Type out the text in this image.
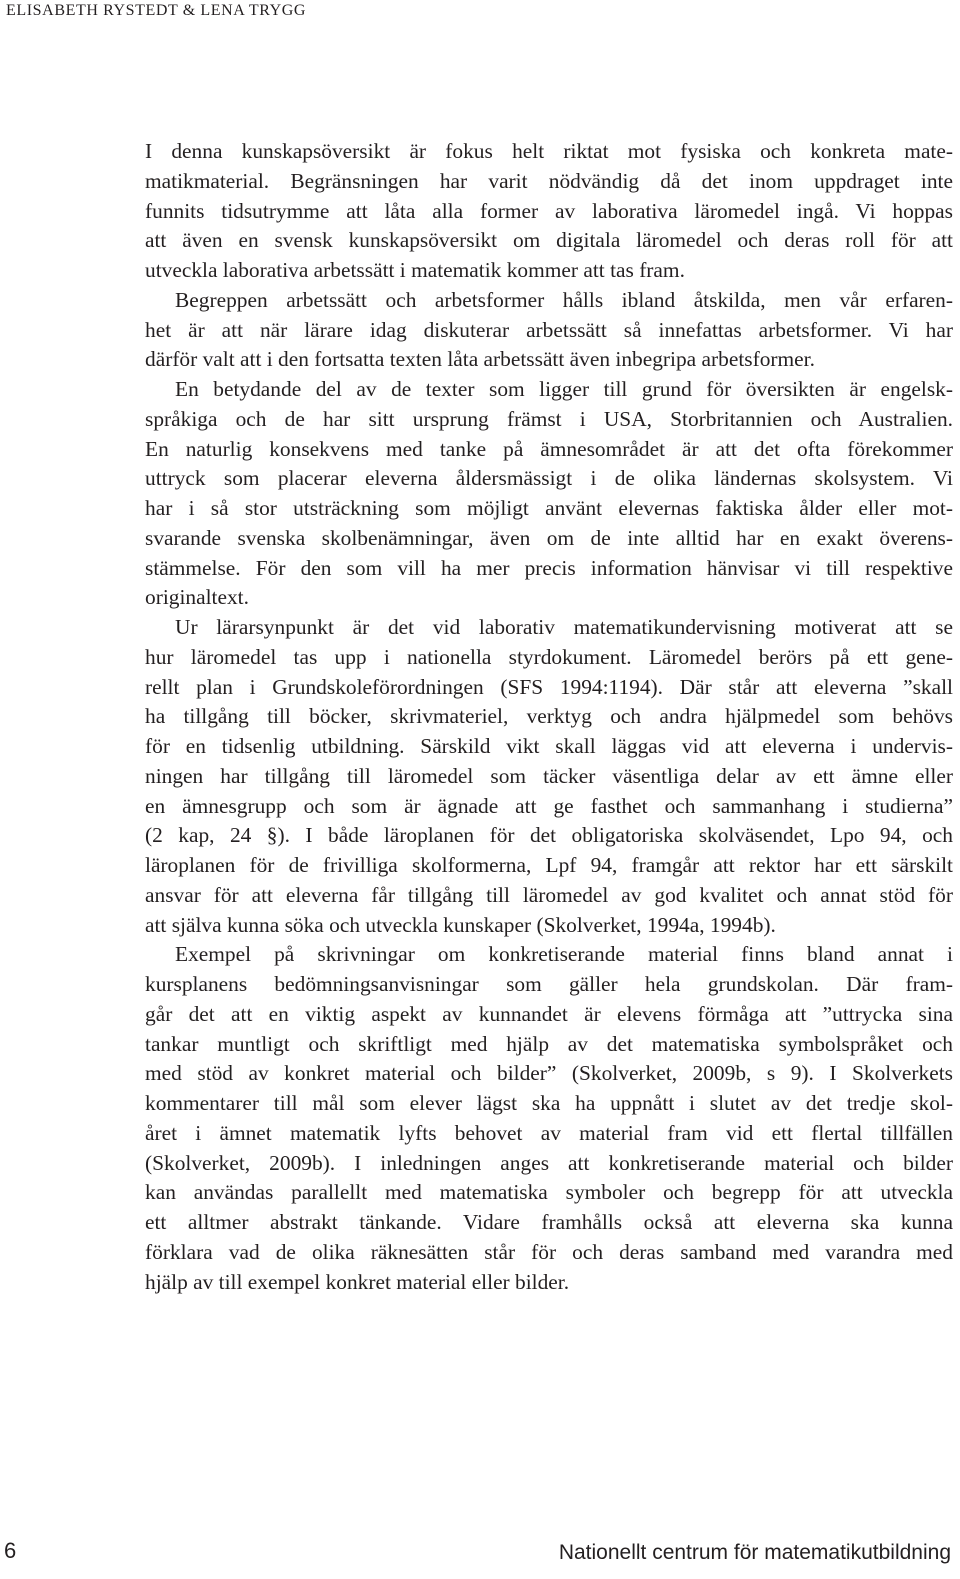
ELISABETH RYSTEDT & LENA TRYGG
I denna kunskapsöversikt är fokus helt riktat mot fysiska och konkreta mate-
matikmaterial. Begränsningen har varit nödvändig då det inom uppdraget inte
funnits tidsutrymme att låta alla former av laborativa läromedel ingå. Vi hoppas
att även en svensk kunskapsöversikt om digitala läromedel och deras roll för att
utveckla laborativa arbetssätt i matematik kommer att tas fram.
Begreppen arbetssätt och arbetsformer hålls ibland åtskilda, men vår erfaren-
het är att när lärare idag diskuterar arbetssätt så innefattas arbetsformer. Vi har
därför valt att i den fortsatta texten låta arbetssätt även inbegripa arbetsformer.
En betydande del av de texter som ligger till grund för översikten är engelsk-
språkiga och de har sitt ursprung främst i USA, Storbritannien och Australien.
En naturlig konsekvens med tanke på ämnesområdet är att det ofta förekommer
uttryck som placerar eleverna åldersmässigt i de olika ländernas skolsystem. Vi
har i så stor utsträckning som möjligt använt elevernas faktiska ålder eller mot-
svarande svenska skolbenämningar, även om de inte alltid har en exakt överens-
stämmelse. För den som vill ha mer precis information hänvisar vi till respektive
originaltext.
Ur lärarsynpunkt är det vid laborativ matematikundervisning motiverat att se
hur läromedel tas upp i nationella styrdokument. Läromedel berörs på ett gene-
rellt plan i Grundskoleförordningen (SFS 1994:1194). Där står att eleverna ”skall
ha tillgång till böcker, skrivmateriel, verktyg och andra hjälpmedel som behövs
för en tidsenlig utbildning. Särskild vikt skall läggas vid att eleverna i undervis-
ningen har tillgång till läromedel som täcker väsentliga delar av ett ämne eller
en ämnesgrupp och som är ägnade att ge fasthet och sammanhang i studierna”
(2 kap, 24 §). I både läroplanen för det obligatoriska skolväsendet, Lpo 94, och
läroplanen för de frivilliga skolformerna, Lpf 94, framgår att rektor har ett särskilt
ansvar för att eleverna får tillgång till läromedel av god kvalitet och annat stöd för
att själva kunna söka och utveckla kunskaper (Skolverket, 1994a, 1994b).
Exempel på skrivningar om konkretiserande material finns bland annat i
kursplanens bedömningsanvisningar som gäller hela grundskolan. Där fram-
går det att en viktig aspekt av kunnandet är elevens förmåga att ”uttrycka sina
tankar muntligt och skriftligt med hjälp av det matematiska symbolspråket och
med stöd av konkret material och bilder” (Skolverket, 2009b, s 9). I Skolverkets
kommentarer till mål som elever lägst ska ha uppnått i slutet av det tredje skol-
året i ämnet matematik lyfts behovet av material fram vid ett flertal tillfällen
(Skolverket, 2009b). I inledningen anges att konkretiserande material och bilder
kan användas parallellt med matematiska symboler och begrepp för att utveckla
ett alltmer abstrakt tänkande. Vidare framhålls också att eleverna ska kunna
förklara vad de olika räknesätten står för och deras samband med varandra med
hjälp av till exempel konkret material eller bilder.
6	Nationellt centrum för matematikutbildning
